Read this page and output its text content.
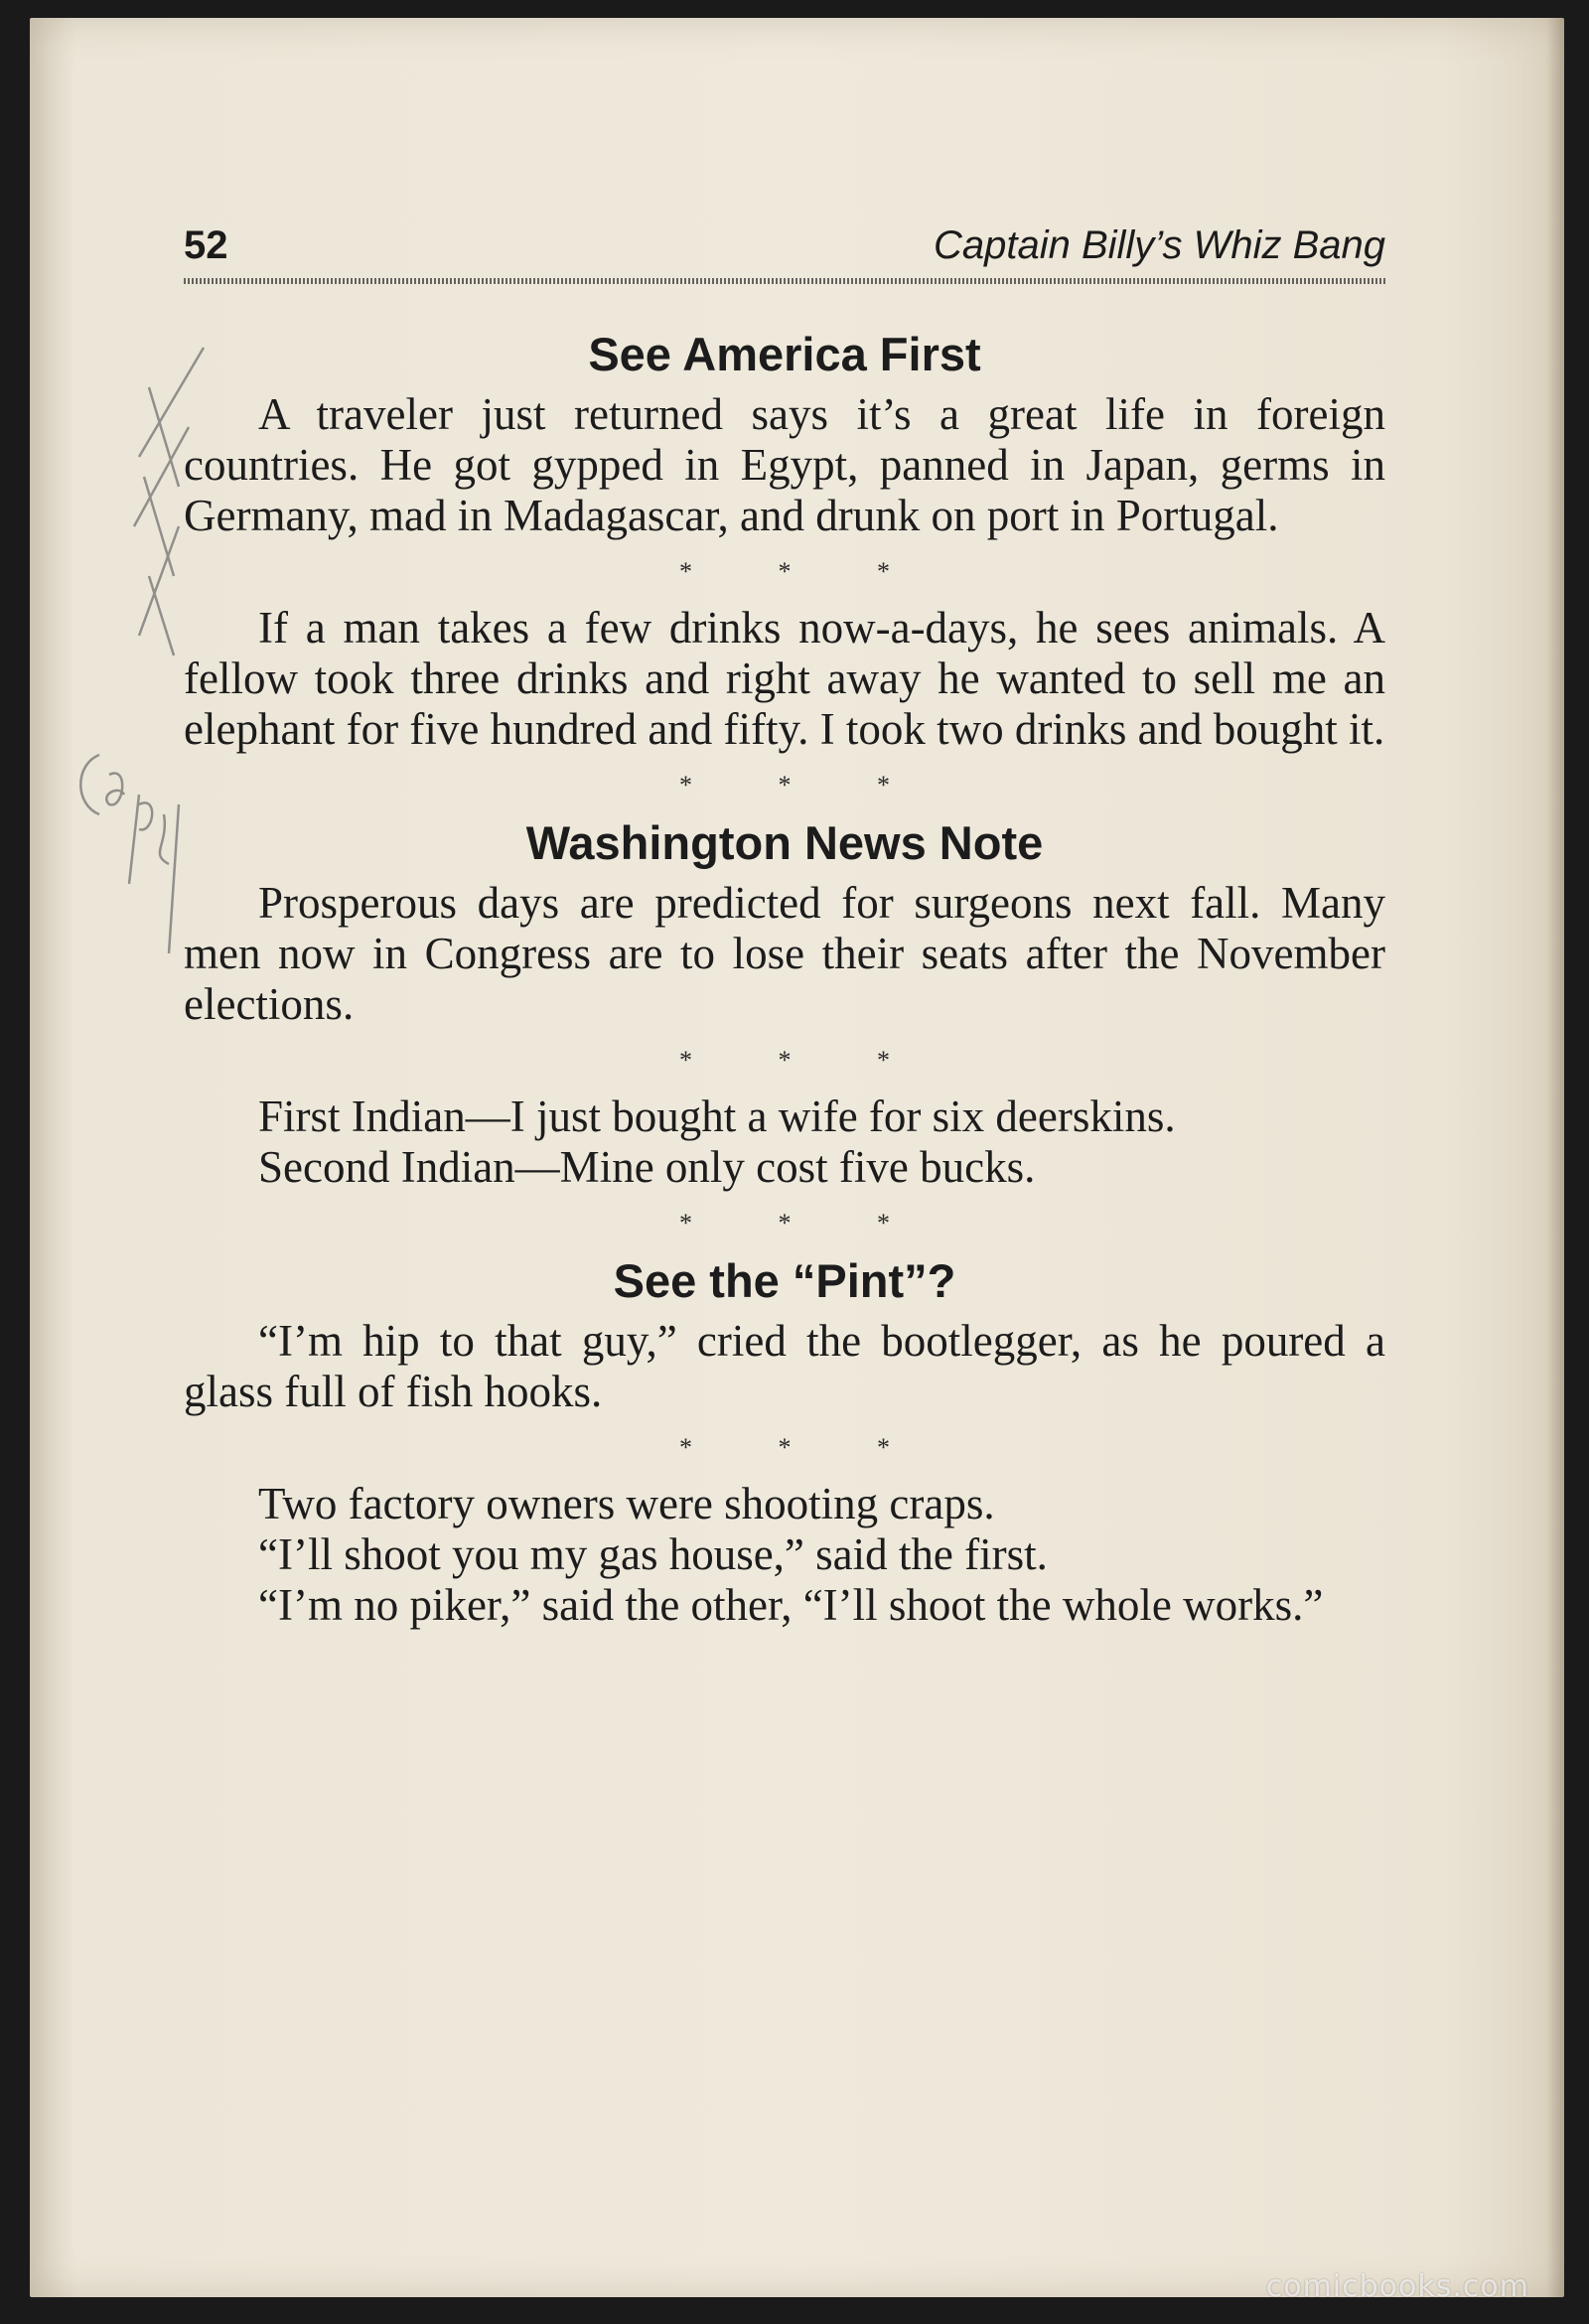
52	Captain Billy’s Whiz Bang
See America First

A traveler just returned says it’s a great life in foreign countries. He got gypped in Egypt, panned in Japan, germs in Germany, mad in Madagascar, and drunk on port in Portugal.

* * *

If a man takes a few drinks now-a-days, he sees animals. A fellow took three drinks and right away he wanted to sell me an elephant for five hundred and fifty. I took two drinks and bought it.

* * *
Washington News Note

Prosperous days are predicted for surgeons next fall. Many men now in Congress are to lose their seats after the November elections.

* * *

First Indian—I just bought a wife for six deerskins.

Second Indian—Mine only cost five bucks.

* * *
See the “Pint”?

“I’m hip to that guy,” cried the bootlegger, as he poured a glass full of fish hooks.

* * *

Two factory owners were shooting craps.

“I’ll shoot you my gas house,” said the first.

“I’m no piker,” said the other, “I’ll shoot the whole works.”

comicbooks.com
